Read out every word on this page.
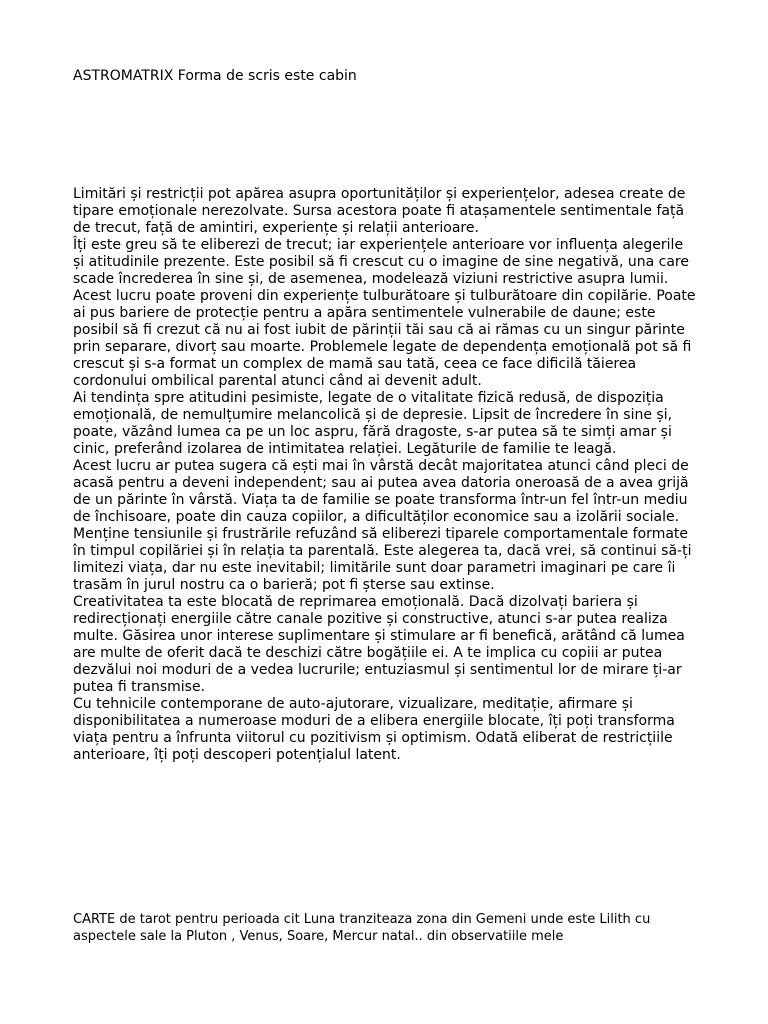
ASTROMATRIX Forma de scris este cabin

Limitări și restricții pot apărea asupra oportunităților și experiențelor, adesea create de tipare emoționale nerezolvate. Sursa acestora poate fi atașamentele sentimentale față de trecut, față de amintiri, experiențe și relații anterioare.

Îți este greu să te eliberezi de trecut; iar experiențele anterioare vor influența alegerile și atitudinile prezente. Este posibil să fi crescut cu o imagine de sine negativă, una care scade încrederea în sine și, de asemenea, modelează viziuni restrictive asupra lumii. Acest lucru poate proveni din experiențe tulburătoare și tulburătoare din copilărie. Poate ai pus bariere de protecție pentru a apăra sentimentele vulnerabile de daune; este posibil să fi crezut că nu ai fost iubit de părinții tăi sau că ai rămas cu un singur părinte prin separare, divorț sau moarte. Problemele legate de dependența emoțională pot să fi crescut și s-a format un complex de mamă sau tată, ceea ce face dificilă tăierea cordonului ombilical parental atunci când ai devenit adult.

Ai tendința spre atitudini pesimiste, legate de o vitalitate fizică redusă, de dispoziția emoțională, de nemulțumire melancolică și de depresie. Lipsit de încredere în sine și, poate, văzând lumea ca pe un loc aspru, fără dragoste, s-ar putea să te simți amar și cinic, preferând izolarea de intimitatea relației. Legăturile de familie te leagă.

Acest lucru ar putea sugera că ești mai în vârstă decât majoritatea atunci când pleci de acasă pentru a deveni independent; sau ai putea avea datoria oneroasă de a avea grijă de un părinte în vârstă. Viața ta de familie se poate transforma într-un fel într-un mediu de închisoare, poate din cauza copiilor, a dificultăților economice sau a izolării sociale. Menține tensiunile și frustrările refuzând să eliberezi tiparele comportamentale formate în timpul copilăriei și în relația ta parentală. Este alegerea ta, dacă vrei, să continui să-ți limitezi viața, dar nu este inevitabil; limitările sunt doar parametri imaginari pe care îi trasăm în jurul nostru ca o barieră; pot fi șterse sau extinse.

Creativitatea ta este blocată de reprimarea emoțională. Dacă dizolvați bariera și redirecționați energiile către canale pozitive și constructive, atunci s-ar putea realiza multe. Găsirea unor interese suplimentare și stimulare ar fi benefică, arătând că lumea are multe de oferit dacă te deschizi către bogățiile ei. A te implica cu copiii ar putea dezvălui noi moduri de a vedea lucrurile; entuziasmul și sentimentul lor de mirare ți-ar putea fi transmise.

Cu tehnicile contemporane de auto-ajutorare, vizualizare, meditație, afirmare și disponibilitatea a numeroase moduri de a elibera energiile blocate, îți poți transforma viața pentru a înfrunta viitorul cu pozitivism și optimism. Odată eliberat de restricțiile anterioare, îți poți descoperi potențialul latent.

CARTE de tarot pentru perioada cit Luna tranziteaza zona din Gemeni unde este Lilith cu aspectele sale la Pluton , Venus, Soare, Mercur natal.. din observatiile mele
